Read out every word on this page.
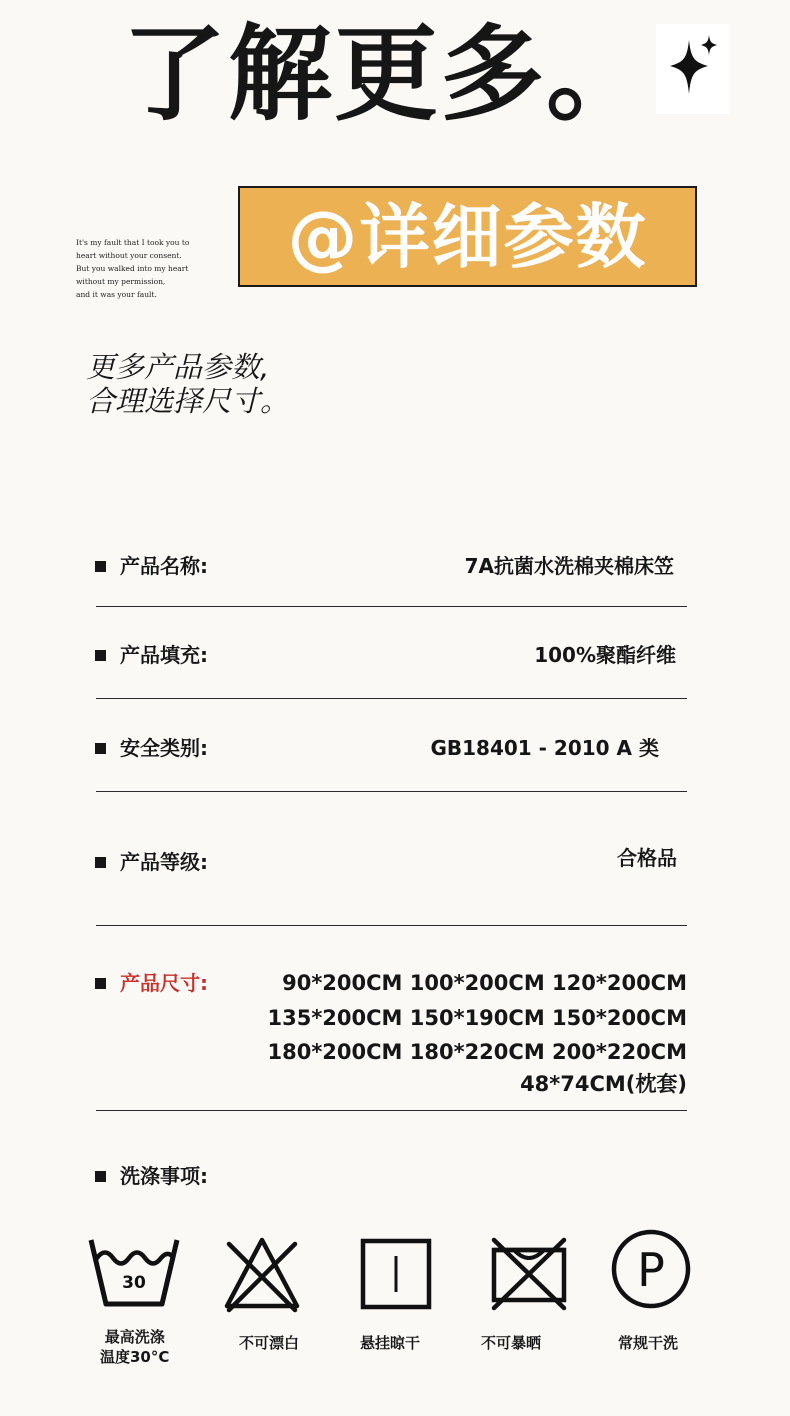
了解更多。
It's my fault that I took you to
heart without your consent.
But you walked into my heart
without my permission,
and it was your fault.
@详细参数
更多产品参数,
合理选择尺寸。
产品名称:	7A抗菌水洗棉夹棉床笠
产品填充:	100%聚酯纤维
安全类别:	GB18401 - 2010 A 类
产品等级:	合格品
产品尺寸:	90*200CM 100*200CM 120*200CM
135*200CM 150*190CM 150*200CM
180*200CM 180*220CM 200*220CM
48*74CM(枕套)
洗涤事项:
30
最高洗涤
温度30°C
不可漂白	悬挂晾干	不可暴晒
P
常规干洗
